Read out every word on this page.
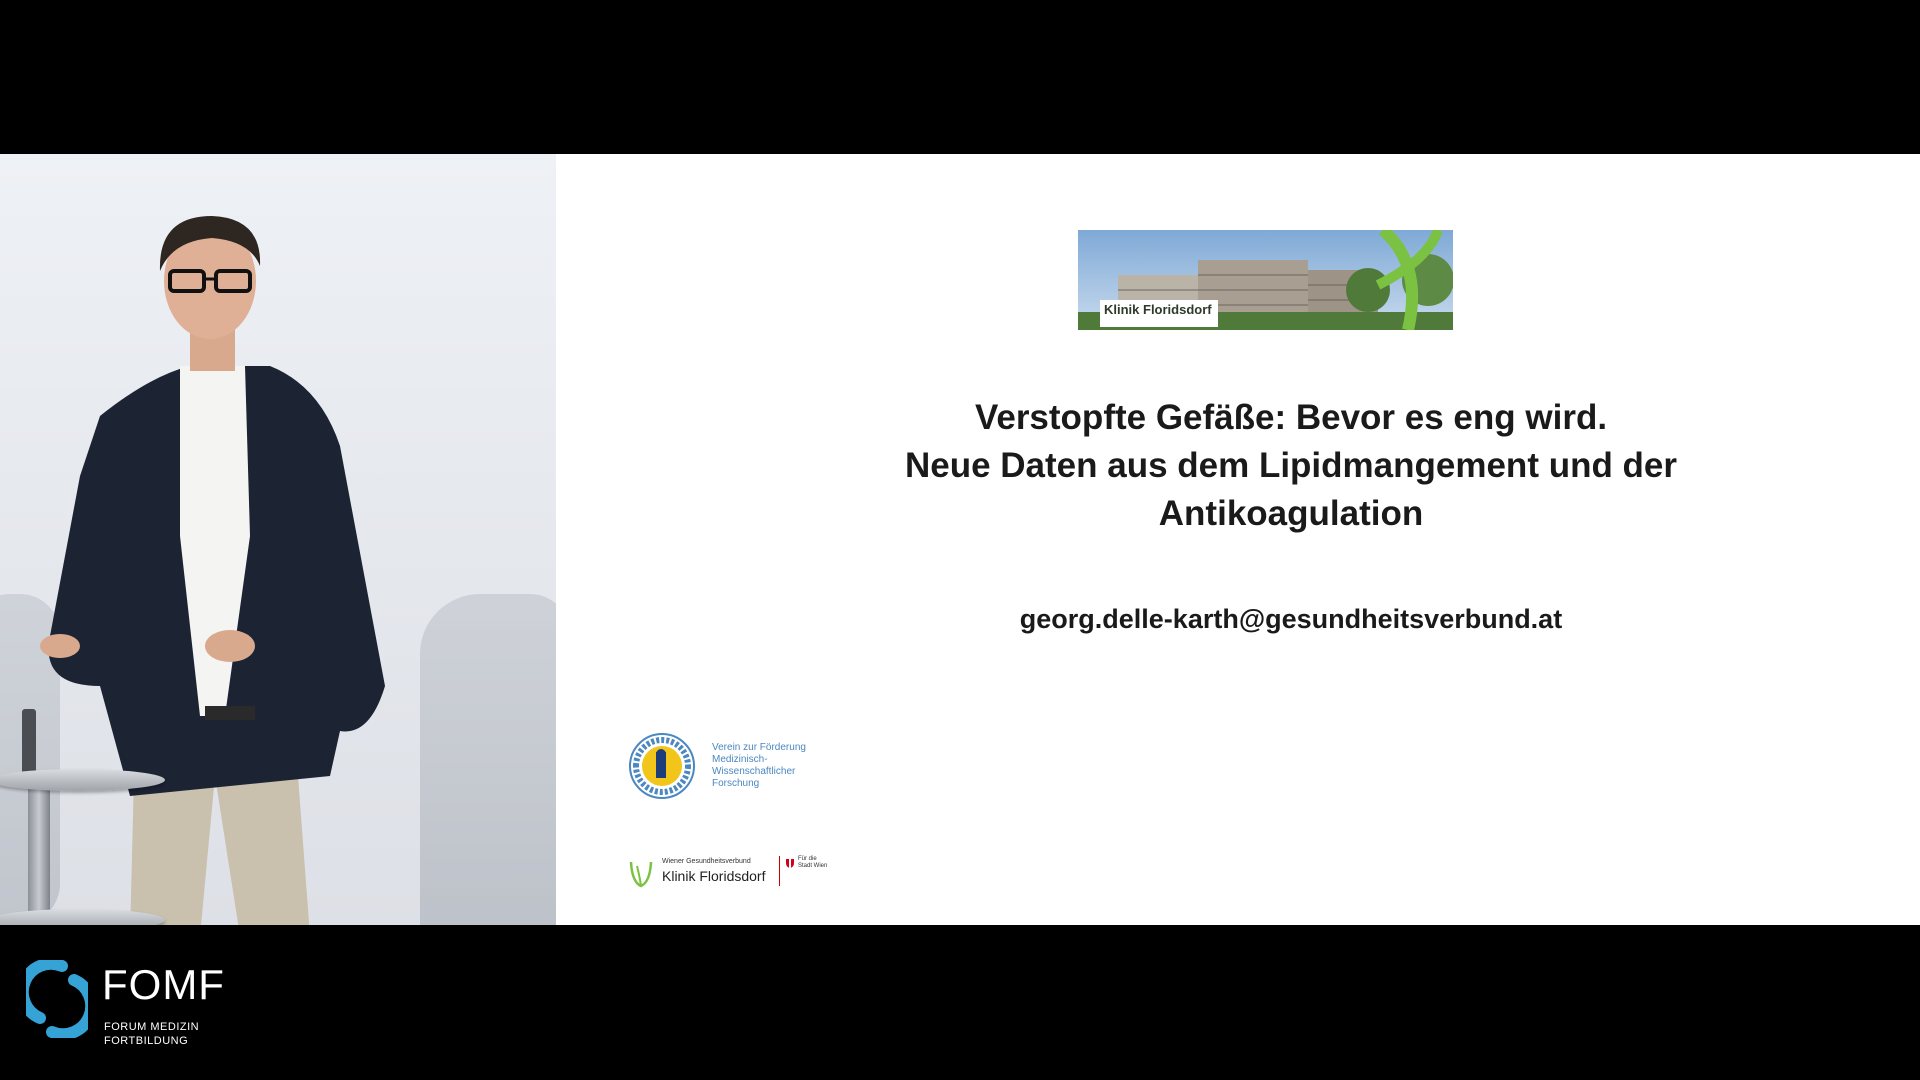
Klinik Floridsdorf
Verstopfte Gefäße: Bevor es eng wird.
Neue Daten aus dem Lipidmangement und der
Antikoagulation
georg.delle-karth@gesundheitsverbund.at
Verein zur Förderung
Medizinisch-Wissenschaftlicher
Forschung
Wiener Gesundheitsverbund
Klinik Floridsdorf
Für die
Stadt Wien
FOMF
FORUM MEDIZIN
FORTBILDUNG
